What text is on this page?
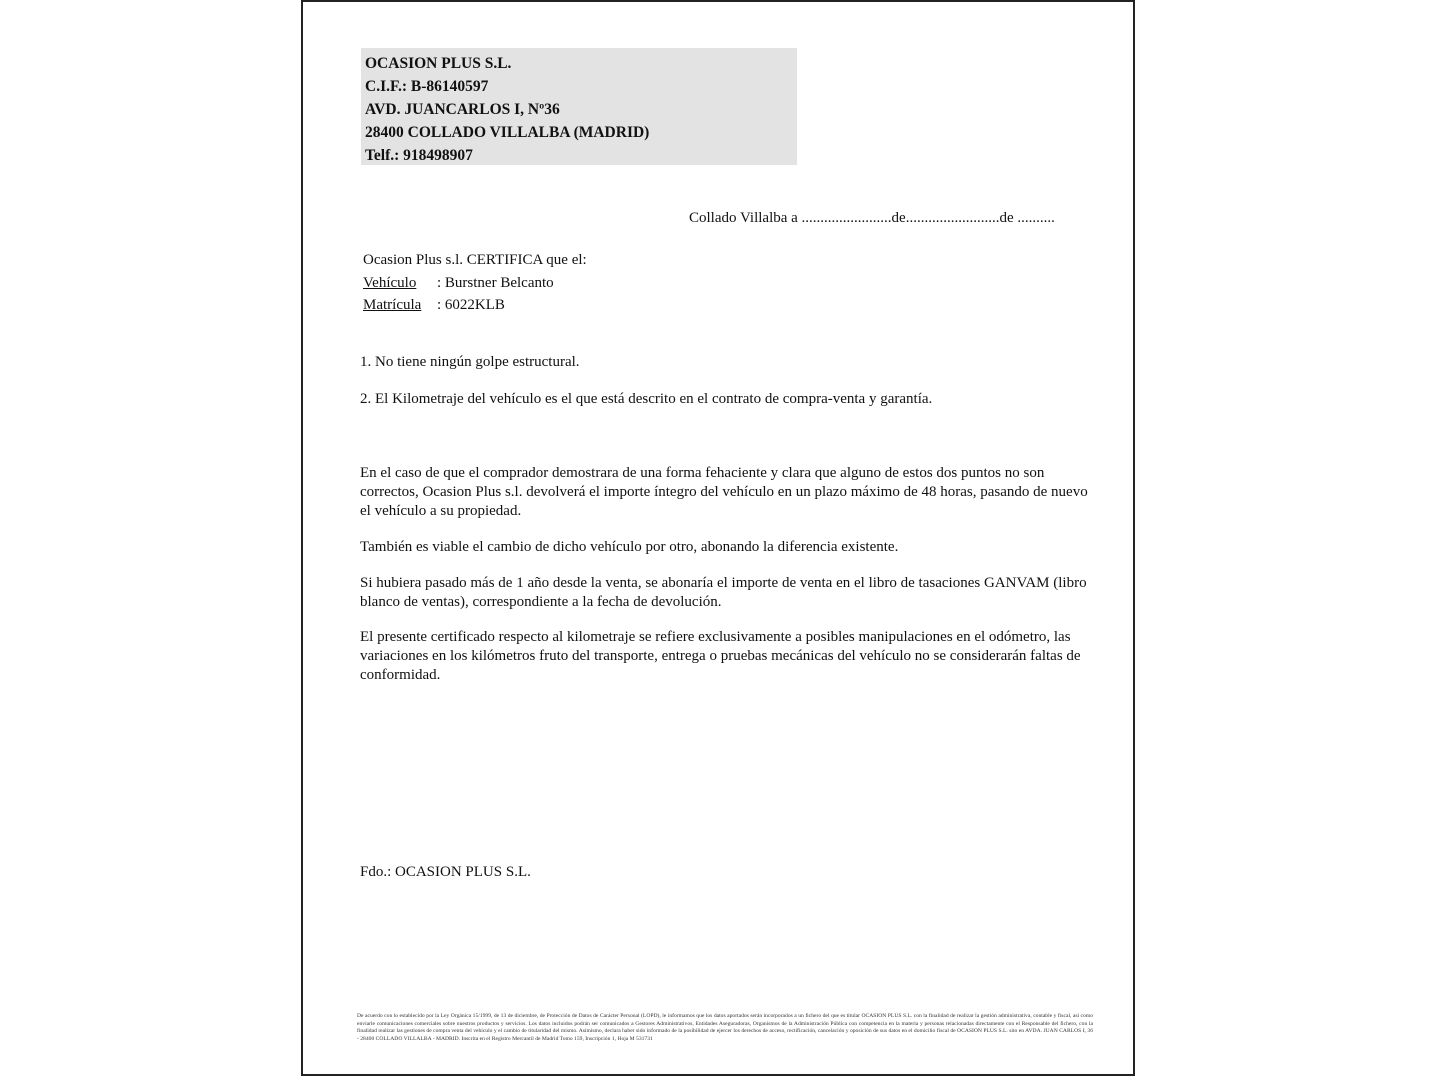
OCASION PLUS S.L.
C.I.F.: B-86140597
AVD. JUANCARLOS I, Nº36
28400 COLLADO VILLALBA (MADRID)
Telf.: 918498907
Collado Villalba a ........................de.........................de ..........
Ocasion Plus s.l. CERTIFICA que el:
Vehículo : Burstner Belcanto
Matrícula : 6022KLB
1. No tiene ningún golpe estructural.
2. El Kilometraje del vehículo es el que está descrito en el contrato de compra-venta y garantía.
En el caso de que el comprador demostrara de una forma fehaciente y clara que alguno de estos dos puntos no son correctos, Ocasion Plus s.l. devolverá el importe íntegro del vehículo en un plazo máximo de 48 horas, pasando de nuevo el vehículo a su propiedad.
También es viable el cambio de dicho vehículo por otro, abonando la diferencia existente.
Si hubiera pasado más de 1 año desde la venta, se abonaría el importe de venta en el libro de tasaciones GANVAM (libro blanco de ventas), correspondiente a la fecha de devolución.
El presente certificado respecto al kilometraje se refiere exclusivamente a posibles manipulaciones en el odómetro, las variaciones en los kilómetros fruto del transporte, entrega o pruebas mecánicas del vehículo no se considerarán faltas de conformidad.
Fdo.: OCASION PLUS S.L.
De acuerdo con lo establecido por la Ley Orgánica 15/1999, de 13 de diciembre, de Protección de Datos de Carácter Personal (LOPD), le informamos que los datos aportados serán incorporados a un fichero del que es titular OCASION PLUS S.L. con la finalidad de realizar la gestión administrativa, contable y fiscal, así como enviarle comunicaciones comerciales sobre nuestros productos y servicios. Los datos incluidos podrán ser comunicados a Gestores Administrativos, Entidades Aseguradoras, Organismos de la Administración Pública con competencia en la materia y personas relacionadas directamente con el Responsable del fichero, con la finalidad realizar las gestiones de compra venta del vehículo y el cambio de titularidad del mismo. Asimismo, declara haber sido informado de la posibilidad de ejercer los derechos de acceso, rectificación, cancelación y oposición de sus datos en el domicilio fiscal de OCASION PLUS S.L. sito en AVDA. JUAN CARLOS I, 36 - 28400 COLLADO VILLALBA - MADRID. Inscrita en el Registro Mercantil de Madrid Tomo 159, Inscripción 1, Hoja M 531731
